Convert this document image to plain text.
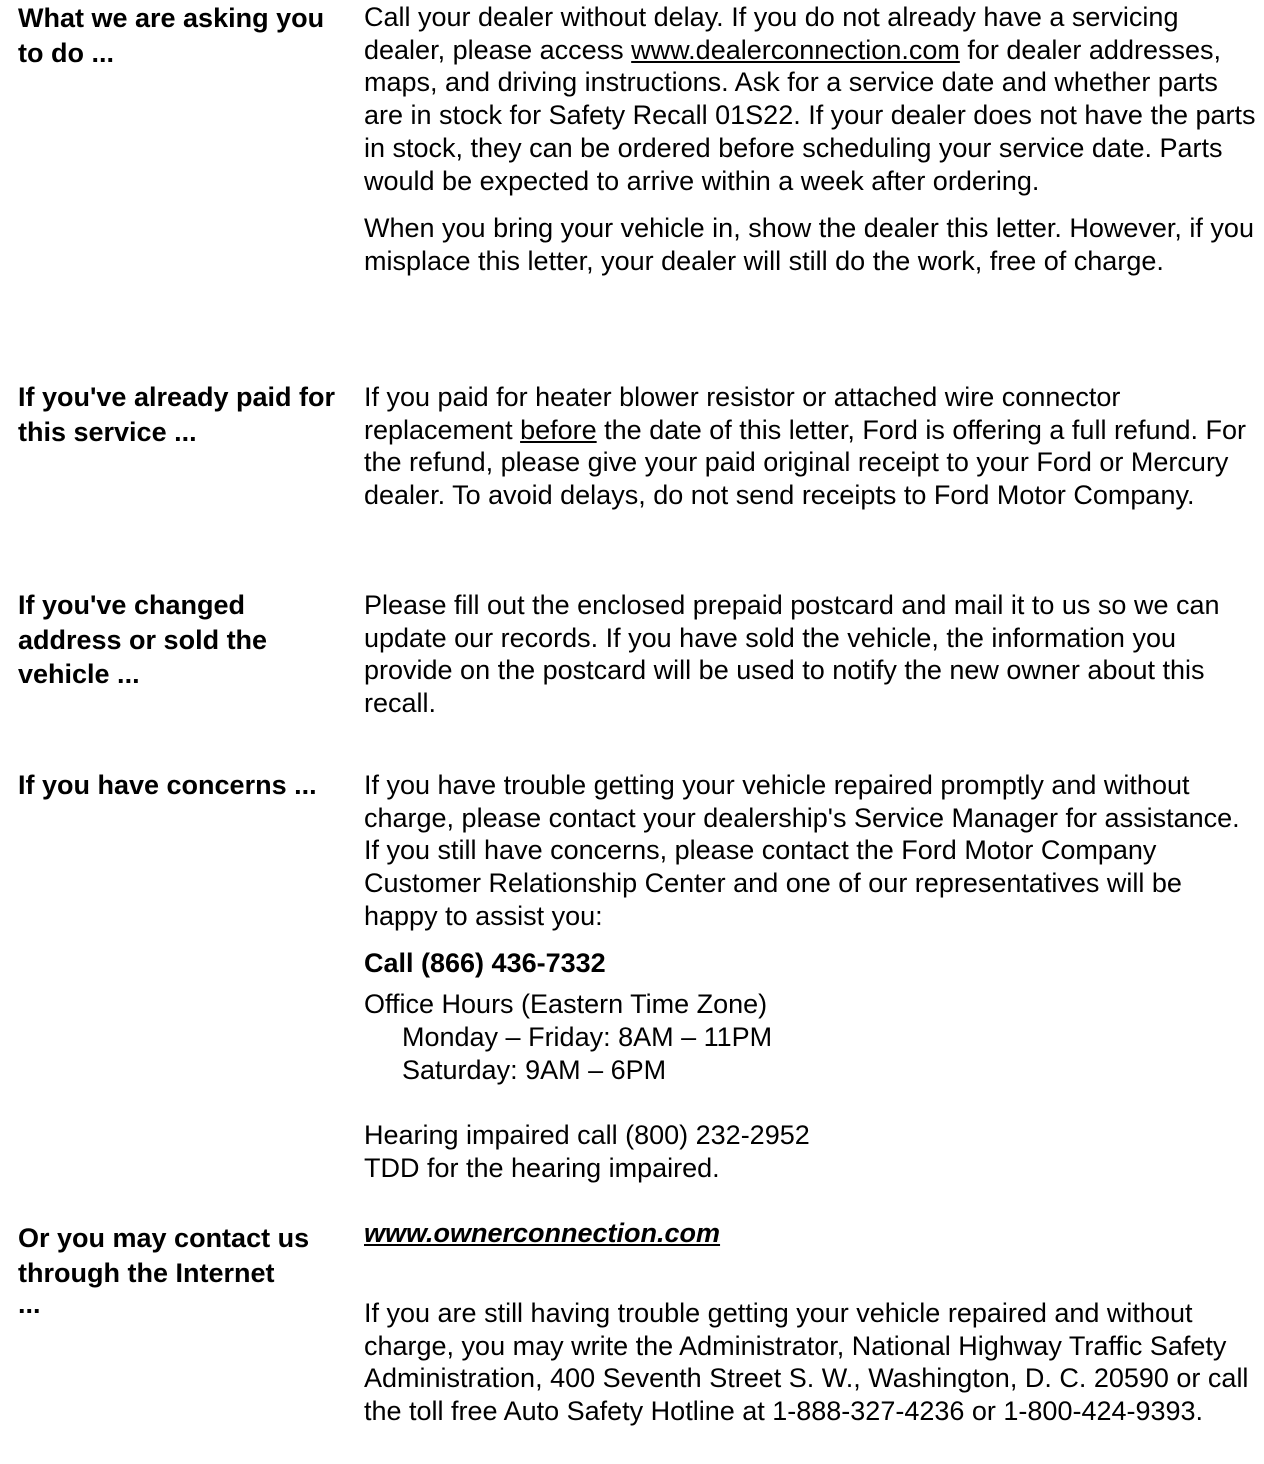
What we are asking you to do ...

Call your dealer without delay. If you do not already have a servicing dealer, please access www.dealerconnection.com for dealer addresses, maps, and driving instructions. Ask for a service date and whether parts are in stock for Safety Recall 01S22. If your dealer does not have the parts in stock, they can be ordered before scheduling your service date. Parts would be expected to arrive within a week after ordering.

When you bring your vehicle in, show the dealer this letter. However, if you misplace this letter, your dealer will still do the work, free of charge.

If you've already paid for this service ...

If you paid for heater blower resistor or attached wire connector replacement before the date of this letter, Ford is offering a full refund. For the refund, please give your paid original receipt to your Ford or Mercury dealer. To avoid delays, do not send receipts to Ford Motor Company.

If you've changed address or sold the vehicle ...

Please fill out the enclosed prepaid postcard and mail it to us so we can update our records. If you have sold the vehicle, the information you provide on the postcard will be used to notify the new owner about this recall.

If you have concerns ...	If you have trouble getting your vehicle repaired promptly and without charge, please contact your dealership's Service Manager for assistance. If you still have concerns, please contact the Ford Motor Company Customer Relationship Center and one of our representatives will be happy to assist you:

Call (866) 436-7332

Office Hours (Eastern Time Zone)

Monday – Friday: 8AM – 11PM

Saturday: 9AM – 6PM

Hearing impaired call (800) 232-2952

TDD for the hearing impaired.

Or you may contact us
through the Internet
...

www.ownerconnection.com

If you are still having trouble getting your vehicle repaired and without charge, you may write the Administrator, National Highway Traffic Safety Administration, 400 Seventh Street S. W., Washington, D. C. 20590 or call the toll free Auto Safety Hotline at 1-888-327-4236 or 1-800-424-9393.
